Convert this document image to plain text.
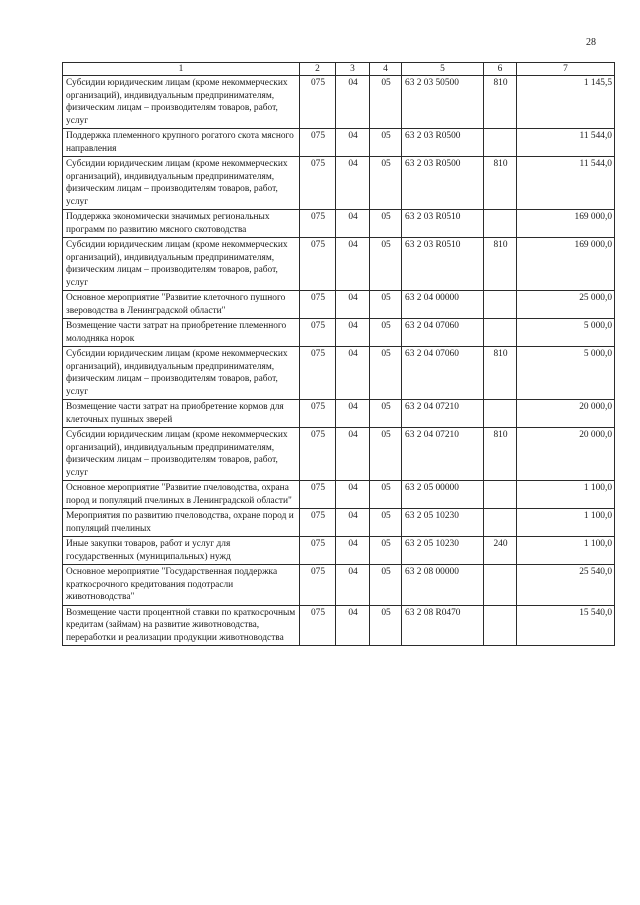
28
1	2	3	4	5	6	7
Субсидии юридическим лицам (кроме некоммерческих организаций), индивидуальным предпринимателям, физическим лицам – производителям товаров, работ, услуг	075	04	05	63 2 03 50500	810	1 145,5
Поддержка племенного крупного рогатого скота мясного направления	075	04	05	63 2 03 R0500		11 544,0
Субсидии юридическим лицам (кроме некоммерческих организаций), индивидуальным предпринимателям, физическим лицам – производителям товаров, работ, услуг	075	04	05	63 2 03 R0500	810	11 544,0
Поддержка экономически значимых региональных программ по развитию мясного скотоводства	075	04	05	63 2 03 R0510		169 000,0
Субсидии юридическим лицам (кроме некоммерческих организаций), индивидуальным предпринимателям, физическим лицам – производителям товаров, работ, услуг	075	04	05	63 2 03 R0510	810	169 000,0
Основное мероприятие "Развитие клеточного пушного звероводства в Ленинградской области"	075	04	05	63 2 04 00000		25 000,0
Возмещение части затрат на приобретение племенного молодняка норок	075	04	05	63 2 04 07060		5 000,0
Субсидии юридическим лицам (кроме некоммерческих организаций), индивидуальным предпринимателям, физическим лицам – производителям товаров, работ, услуг	075	04	05	63 2 04 07060	810	5 000,0
Возмещение части затрат на приобретение кормов для клеточных пушных зверей	075	04	05	63 2 04 07210		20 000,0
Субсидии юридическим лицам (кроме некоммерческих организаций), индивидуальным предпринимателям, физическим лицам – производителям товаров, работ, услуг	075	04	05	63 2 04 07210	810	20 000,0
Основное мероприятие "Развитие пчеловодства, охрана пород и популяций пчелиных в Ленинградской области"	075	04	05	63 2 05 00000		1 100,0
Мероприятия по развитию пчеловодства, охране пород и популяций пчелиных	075	04	05	63 2 05 10230		1 100,0
Иные закупки товаров, работ и услуг для государственных (муниципальных) нужд	075	04	05	63 2 05 10230	240	1 100,0
Основное мероприятие "Государственная поддержка краткосрочного кредитования подотрасли животноводства"	075	04	05	63 2 08 00000		25 540,0
Возмещение части процентной ставки по краткосрочным кредитам (займам) на развитие животноводства, переработки и реализации продукции животноводства	075	04	05	63 2 08 R0470		15 540,0
